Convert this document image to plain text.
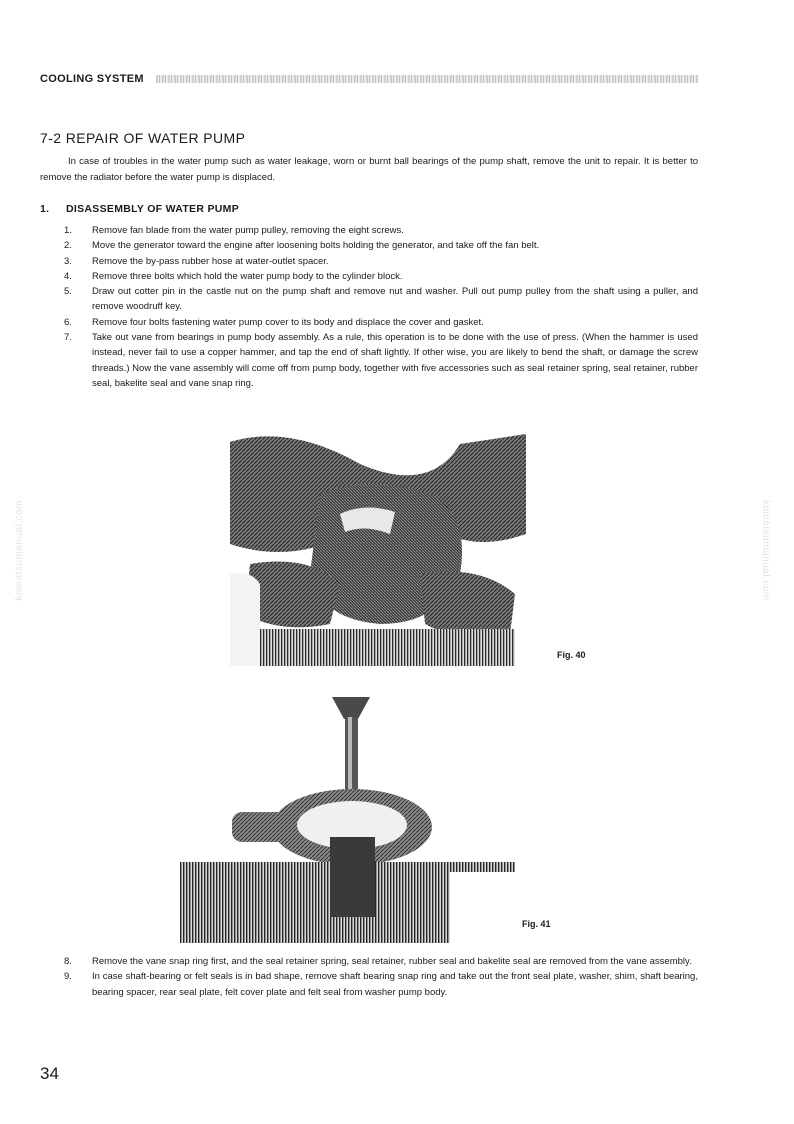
COOLING SYSTEM
7-2 REPAIR OF WATER PUMP
In case of troubles in the water pump such as water leakage, worn or burnt ball bearings of the pump shaft, remove the unit to repair. It is better to remove the radiator before the water pump is displaced.
1. DISASSEMBLY OF WATER PUMP
1.	Remove fan blade from the water pump pulley, removing the eight screws.
2.	Move the generator toward the engine after loosening bolts holding the generator, and take off the fan belt.
3.	Remove the by-pass rubber hose at water-outlet spacer.
4.	Remove three bolts which hold the water pump body to the cylinder block.
5.	Draw out cotter pin in the castle nut on the pump shaft and remove nut and washer. Pull out pump pulley from the shaft using a puller, and remove woodruff key.
6.	Remove four bolts fastening water pump cover to its body and displace the cover and gasket.
7.	Take out vane from bearings in pump body assembly. As a rule, this operation is to be done with the use of press. (When the hammer is used instead, never fail to use a copper hammer, and tap the end of shaft lightly. If other wise, you are likely to bend the shaft, or damage the screw threads.) Now the vane assembly will come off from pump body, together with five accessories such as seal retainer spring, seal retainer, rubber seal, bakelite seal and vane snap ring.
Fig. 40
Fig. 41
8.	Remove the vane snap ring first, and the seal retainer spring, seal retainer, rubber seal and bakelite seal are removed from the vane assembly.
9.	In case shaft-bearing or felt seals is in bad shape, remove shaft bearing snap ring and take out the front seal plate, washer, shim, shaft bearing, bearing spacer, rear seal plate, felt cover plate and felt seal from washer pump body.
34
komatsumanual.com	komatsumanual.com
